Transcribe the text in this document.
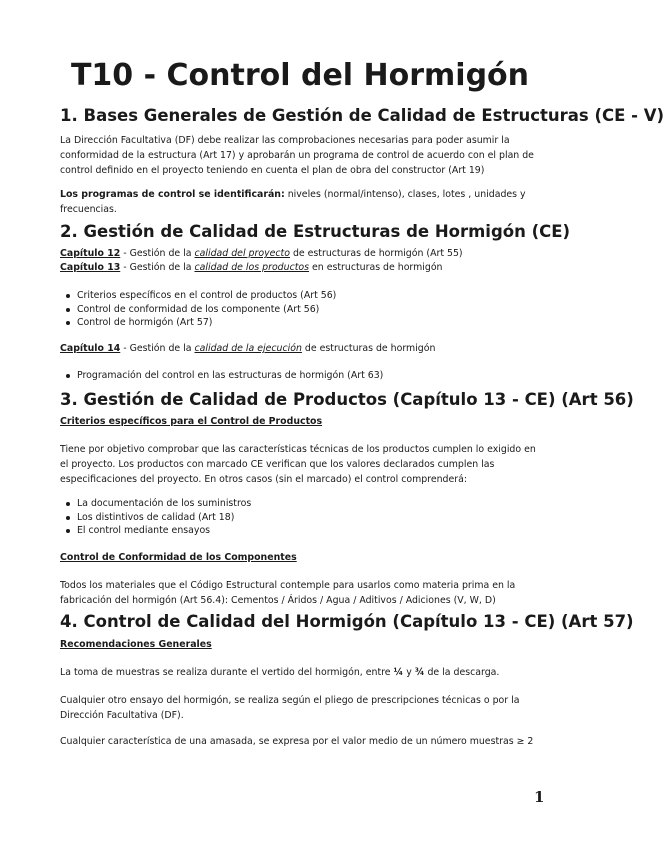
T10 - Control del Hormigón
1. Bases Generales de Gestión de Calidad de Estructuras (CE - V)

La Dirección Facultativa (DF) debe realizar las comprobaciones necesarias para poder asumir la conformidad de la estructura (Art 17) y aprobarán un programa de control de acuerdo con el plan de control definido en el proyecto teniendo en cuenta el plan de obra del constructor (Art 19)

Los programas de control se identificarán: niveles (normal/intenso), clases, lotes , unidades y frecuencias.

2. Gestión de Calidad de Estructuras de Hormigón (CE)

Capítulo 12 - Gestión de la calidad del proyecto de estructuras de hormigón (Art 55)

Capítulo 13 - Gestión de la calidad de los productos en estructuras de hormigón

Criterios específicos en el control de productos (Art 56)
Control de conformidad de los componente (Art 56)
Control de hormigón (Art 57)

Capítulo 14 - Gestión de la calidad de la ejecución de estructuras de hormigón

Programación del control en las estructuras de hormigón (Art 63)
3. Gestión de Calidad de Productos (Capítulo 13 - CE) (Art 56)

Criterios específicos para el Control de Productos

Tiene por objetivo comprobar que las características técnicas de los productos cumplen lo exigido en el proyecto. Los productos con marcado CE verifican que los valores declarados cumplen las especificaciones del proyecto. En otros casos (sin el marcado) el control comprenderá:

La documentación de los suministros
Los distintivos de calidad (Art 18)
El control mediante ensayos

Control de Conformidad de los Componentes

Todos los materiales que el Código Estructural contemple para usarlos como materia prima en la fabricación del hormigón (Art 56.4): Cementos / Áridos / Agua / Aditivos / Adiciones (V, W, D)

4. Control de Calidad del Hormigón (Capítulo 13 - CE) (Art 57)

Recomendaciones Generales

La toma de muestras se realiza durante el vertido del hormigón, entre ¼ y ¾ de la descarga.

Cualquier otro ensayo del hormigón, se realiza según el pliego de prescripciones técnicas o por la Dirección Facultativa (DF).

Cualquier característica de una amasada, se expresa por el valor medio de un número muestras ≥ 2

1
